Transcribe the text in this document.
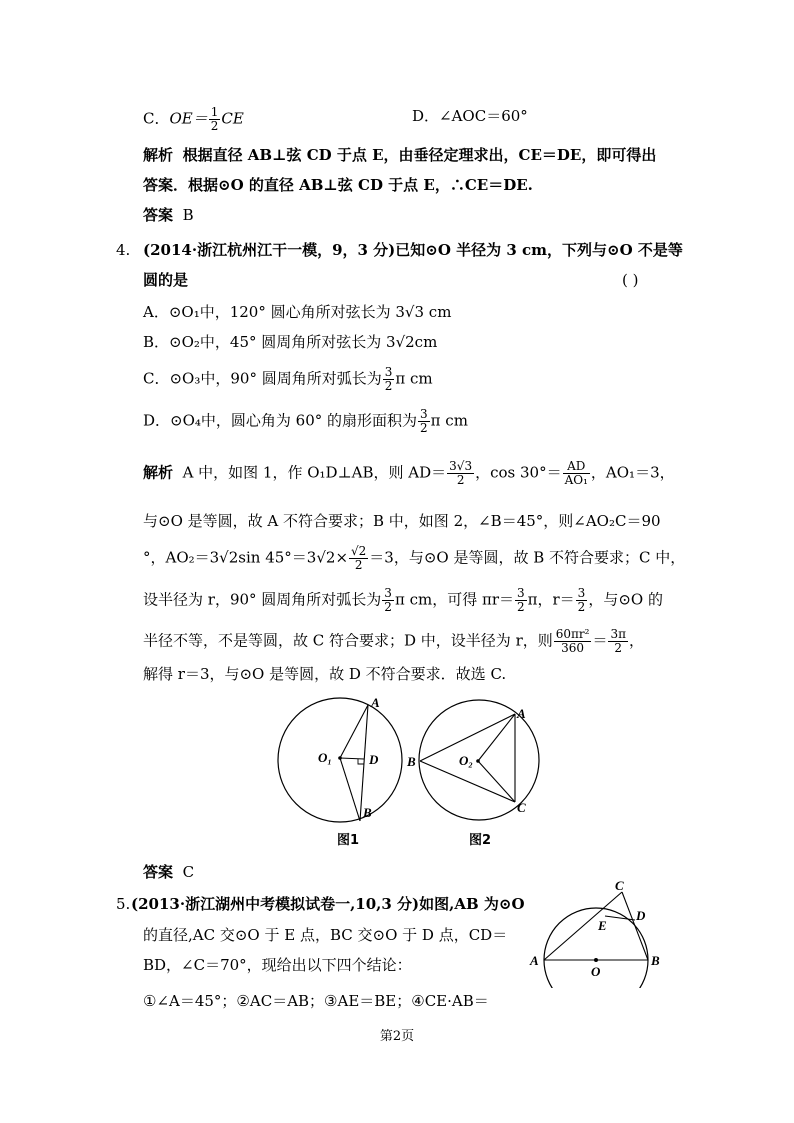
C．$OE= \frac{1}{2}$ CE	D．∠AOC＝60°
解析 根据直径 AB⊥弦 CD 于点 E，由垂径定理求出，CE＝DE，即可得出
答案．根据⊙O 的直径 AB⊥弦 CD 于点 E，∴CE＝DE.
答案 B
4. (2014·浙江杭州江干一模，9，3 分)已知⊙O 半径为 3 cm，下列与⊙O 不是等
圆的是	( )
A．⊙O₁中，120° 圆心角所对弦长为 3√3 cm
B．⊙O₂中，45° 圆周角所对弦长为 3√2cm
C．⊙O₃中，90° 圆周角所对弧长为 $\frac{3}{2}$ π cm
D．⊙O₄中，圆心角为 60° 的扇形面积为 $\frac{3}{2}$ π cm
解析 A 中，如图 1，作 O₁D⊥AB，则 $AD= \frac{3√3}{2}$ ，$\cos 30^\circ= \frac{AD}{\text{AO₁}}$ ，AO₁＝3，
与⊙O 是等圆，故 A 不符合要求；B 中，如图 2，∠B＝45°，则∠AO₂C＝90
°，AO₂＝3√2sin $45^\circ=3√2\times \frac{√2}{2} =3$，与⊙O 是等圆，故 B 不符合要求；C 中，
设半径为 r，90° 圆周角所对弧长为 $\frac{3}{2}$ π cm，可得 $\pi r= \frac{3}{2}$ π，$r= \frac{3}{2}$ ，与⊙O 的
半径不等，不是等圆，故 C 符合要求；D 中，设半径为 r，则 $\frac{\text{60πr²}}{360} = \frac{3\pi}{2}$ ，
解得 r＝3，与⊙O 是等圆，故 D 不符合要求．故选 C.
A
B
D
O₁
图1
A
B
C
O₂
图2
答案 C
5. (2013·浙江湖州中考模拟试卷一,10,3 分)如图,AB 为⊙O
的直径,AC 交⊙O 于 E 点，BC 交⊙O 于 D 点，CD＝
BD，∠C＝70°，现给出以下四个结论：
①∠A＝45°；②AC＝AB；③AE＝BE；④CE·AB＝
A	B
C
D
E
O
第2页
